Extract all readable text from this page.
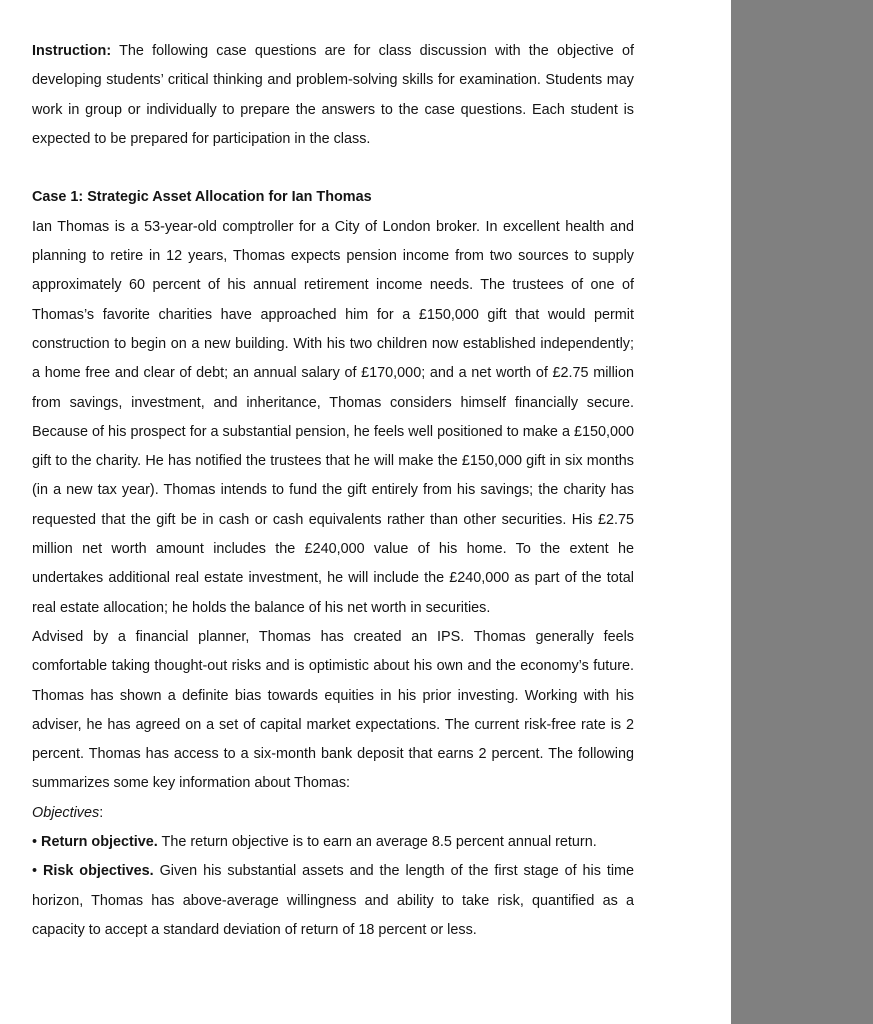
Instruction: The following case questions are for class discussion with the objective of developing students’ critical thinking and problem-solving skills for examination. Students may work in group or individually to prepare the answers to the case questions. Each student is expected to be prepared for participation in the class.

Case 1: Strategic Asset Allocation for Ian Thomas

Ian Thomas is a 53-year-old comptroller for a City of London broker. In excellent health and planning to retire in 12 years, Thomas expects pension income from two sources to supply approximately 60 percent of his annual retirement income needs. The trustees of one of Thomas’s favorite charities have approached him for a £150,000 gift that would permit construction to begin on a new building. With his two children now established independently; a home free and clear of debt; an annual salary of £170,000; and a net worth of £2.75 million from savings, investment, and inheritance, Thomas considers himself financially secure. Because of his prospect for a substantial pension, he feels well positioned to make a £150,000 gift to the charity. He has notified the trustees that he will make the £150,000 gift in six months (in a new tax year). Thomas intends to fund the gift entirely from his savings; the charity has requested that the gift be in cash or cash equivalents rather than other securities. His £2.75 million net worth amount includes the £240,000 value of his home. To the extent he undertakes additional real estate investment, he will include the £240,000 as part of the total real estate allocation; he holds the balance of his net worth in securities.

Advised by a financial planner, Thomas has created an IPS. Thomas generally feels comfortable taking thought-out risks and is optimistic about his own and the economy’s future. Thomas has shown a definite bias towards equities in his prior investing. Working with his adviser, he has agreed on a set of capital market expectations. The current risk-free rate is 2 percent. Thomas has access to a six-month bank deposit that earns 2 percent. The following summarizes some key information about Thomas:

Objectives:

• Return objective. The return objective is to earn an average 8.5 percent annual return.

• Risk objectives. Given his substantial assets and the length of the first stage of his time horizon, Thomas has above-average willingness and ability to take risk, quantified as a capacity to accept a standard deviation of return of 18 percent or less.
